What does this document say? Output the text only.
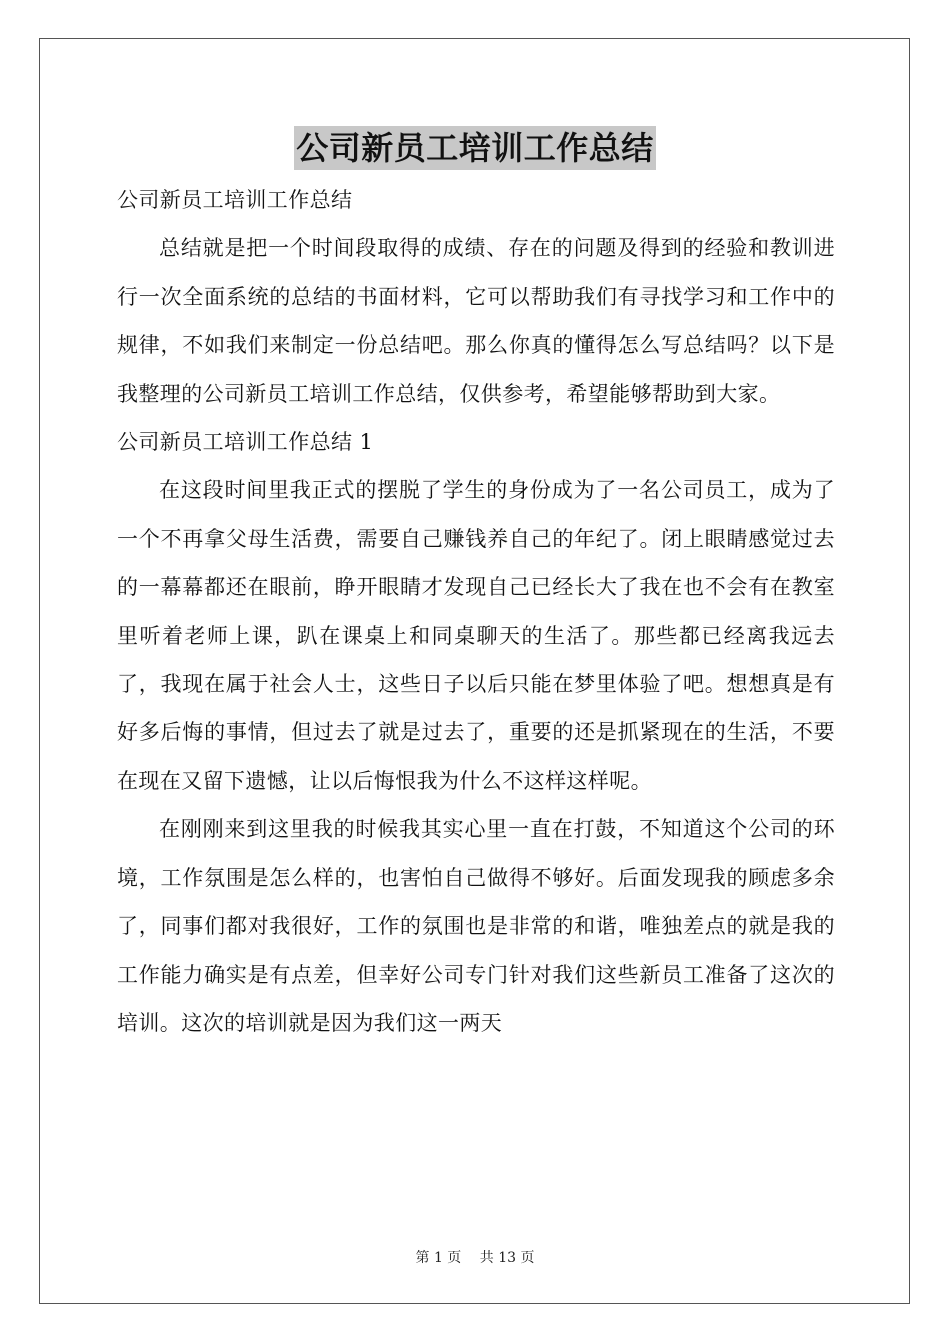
公司新员工培训工作总结

公司新员工培训工作总结

总结就是把一个时间段取得的成绩、存在的问题及得到的经验和教训进行一次全面系统的总结的书面材料，它可以帮助我们有寻找学习和工作中的规律，不如我们来制定一份总结吧。那么你真的懂得怎么写总结吗？以下是我整理的公司新员工培训工作总结，仅供参考，希望能够帮助到大家。

公司新员工培训工作总结 1

在这段时间里我正式的摆脱了学生的身份成为了一名公司员工，成为了一个不再拿父母生活费，需要自己赚钱养自己的年纪了。闭上眼睛感觉过去的一幕幕都还在眼前，睁开眼睛才发现自己已经长大了我在也不会有在教室里听着老师上课，趴在课桌上和同桌聊天的生活了。那些都已经离我远去了，我现在属于社会人士，这些日子以后只能在梦里体验了吧。想想真是有好多后悔的事情，但过去了就是过去了，重要的还是抓紧现在的生活，不要在现在又留下遗憾，让以后悔恨我为什么不这样这样呢。

在刚刚来到这里我的时候我其实心里一直在打鼓，不知道这个公司的环境，工作氛围是怎么样的，也害怕自己做得不够好。后面发现我的顾虑多余了，同事们都对我很好，工作的氛围也是非常的和谐，唯独差点的就是我的工作能力确实是有点差，但幸好公司专门针对我们这些新员工准备了这次的培训。这次的培训就是因为我们这一两天

第 1 页 共 13 页
